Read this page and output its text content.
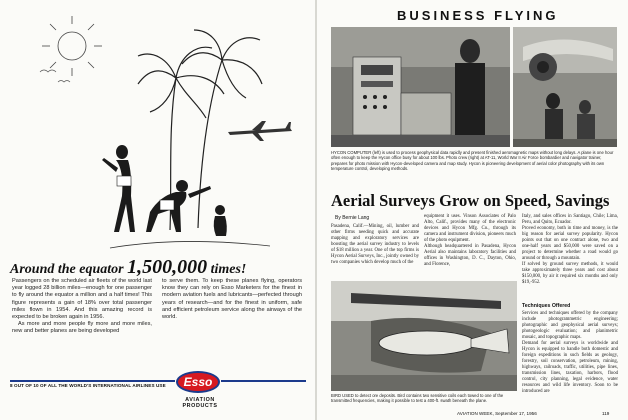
Around the equator 1,500,000 times!

Passengers on the scheduled air fleets of the world last year logged 28 billion miles—enough for one passenger to fly around the equator a million and a half times! This figure represents a gain of 18% over total passenger miles flown in 1954. And this amazing record is expected to be broken again in 1956.

As more and more people fly more and more miles, new and better planes are being developed

to serve them. To keep these planes flying, operators know they can rely on Esso Marketers for the finest in modern aviation fuels and lubricants—perfected through years of research—and for the finest in uniform, safe and efficient petroleum service along the airways of the world.

Esso
8 OUT OF 10 OF ALL THE WORLD'S INTERNATIONAL AIRLINES USE
AVIATION PRODUCTS
BUSINESS FLYING
HYCON COMPUTER (left) is used to process geophysical data rapidly and present finished aeromagnetic maps without long delays. A plane is one hour often enough to keep the Hycon office busy for about 100 lbs. Photo crew (right) at AT-11, World War II Air Force bombardier and navigator trainer, prepares for photo mission with Hycon-developed camera and map study. Hycon is pioneering development of aerial color photography with its own temperature control, developing methods.
Aerial Surveys Grow on Speed, Savings
By Bernie Lang
Pasadena, Calif.—Mining, oil, lumber and other firms needing quick and accurate mapping and exploratory services are boosting the aerial survey industry to levels of $18 million a year. One of the top firms is Hycon Aerial Surveys, Inc., jointly owned by two companies which develop much of the
equipment it uses. Vinson Associates of Palo Alto, Calif., provides many of the electronic devices and Hycon Mfg. Co., through its camera and instrument division, pioneers much of the photo equipment.
Although headquartered in Pasadena, Hycon Aerial also maintains laboratory facilities and offices in Washington, D. C., Dayton, Ohio, and Florence,
Italy, and sales offices in Santiago, Chile; Lima, Peru, and Quito, Ecuador.
Proved economy, both in time and money, is the big reason for aerial survey popularity. Hycon points out that on one contract alone, two and one-half years and $50,000 were saved on a project to determine whether a road would go around or through a mountain.
If solved by ground survey methods, it would take approximately three years and cost about $150,000, by air it required six months and only $19,-952.
Techniques Offered
Services and techniques offered by the company include photogrammetric engineering; photographic and geophysical aerial surveys; photogeologic evaluation; and planimetric mosaic, and topographic maps.
Demand for aerial surveys is worldwide and Hycon is equipped to handle both domestic and foreign expeditions in such fields as geology, forestry, soil conservation, petroleum, mining, highways, railroads, traffic, utilities, pipe lines, transmission lines, taxation, harbors, flood control, city planning, legal evidence, water resources and wild life inventory. Soon to be introduced are
BIRD USED to detect ore deposits. Bird contains two sensitive coils each towed to one of the transmitted frequencies, making it possible to test a 400-ft. swath beneath the plane.
AVIATION WEEK, September 17, 1956	119
